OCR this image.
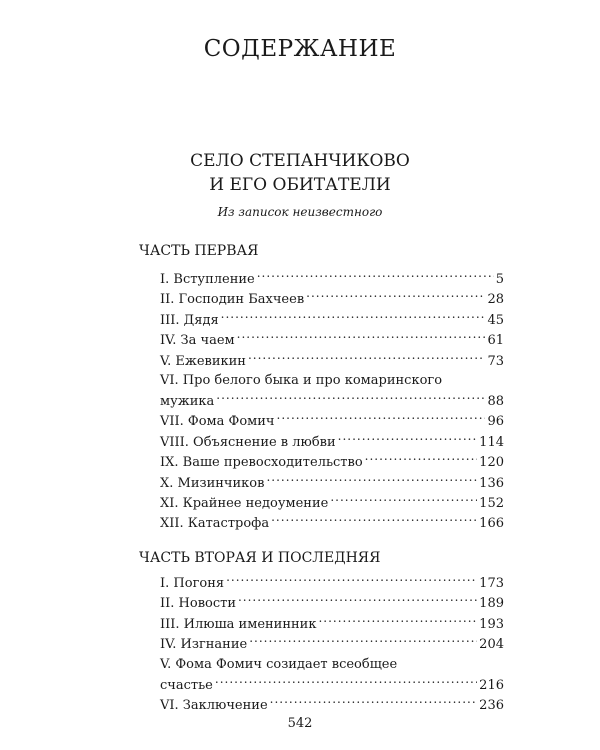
СОДЕРЖАНИЕ
СЕЛО СТЕПАНЧИКОВО
И ЕГО ОБИТАТЕЛИ
Из записок неизвестного
ЧАСТЬ ПЕРВАЯ
I. Вступление .....	5
II. Господин Бахчеев .....	28
III. Дядя .....	45
IV. За чаем .....	61
V. Ежевикин .....	73
VI. Про белого быка и про комаринского
мужика .....	88
VII. Фома Фомич .....	96
VIII. Объяснение в любви .....	114
IX. Ваше превосходительство .....	120
X. Мизинчиков .....	136
XI. Крайнее недоумение .....	152
XII. Катастрофа .....	166
ЧАСТЬ ВТОРАЯ И ПОСЛЕДНЯЯ
I. Погоня .....	173
II. Новости .....	189
III. Илюша именинник .....	193
IV. Изгнание .....	204
V. Фома Фомич созидает всеобщее
счастье .....	216
VI. Заключение .....	236
542
